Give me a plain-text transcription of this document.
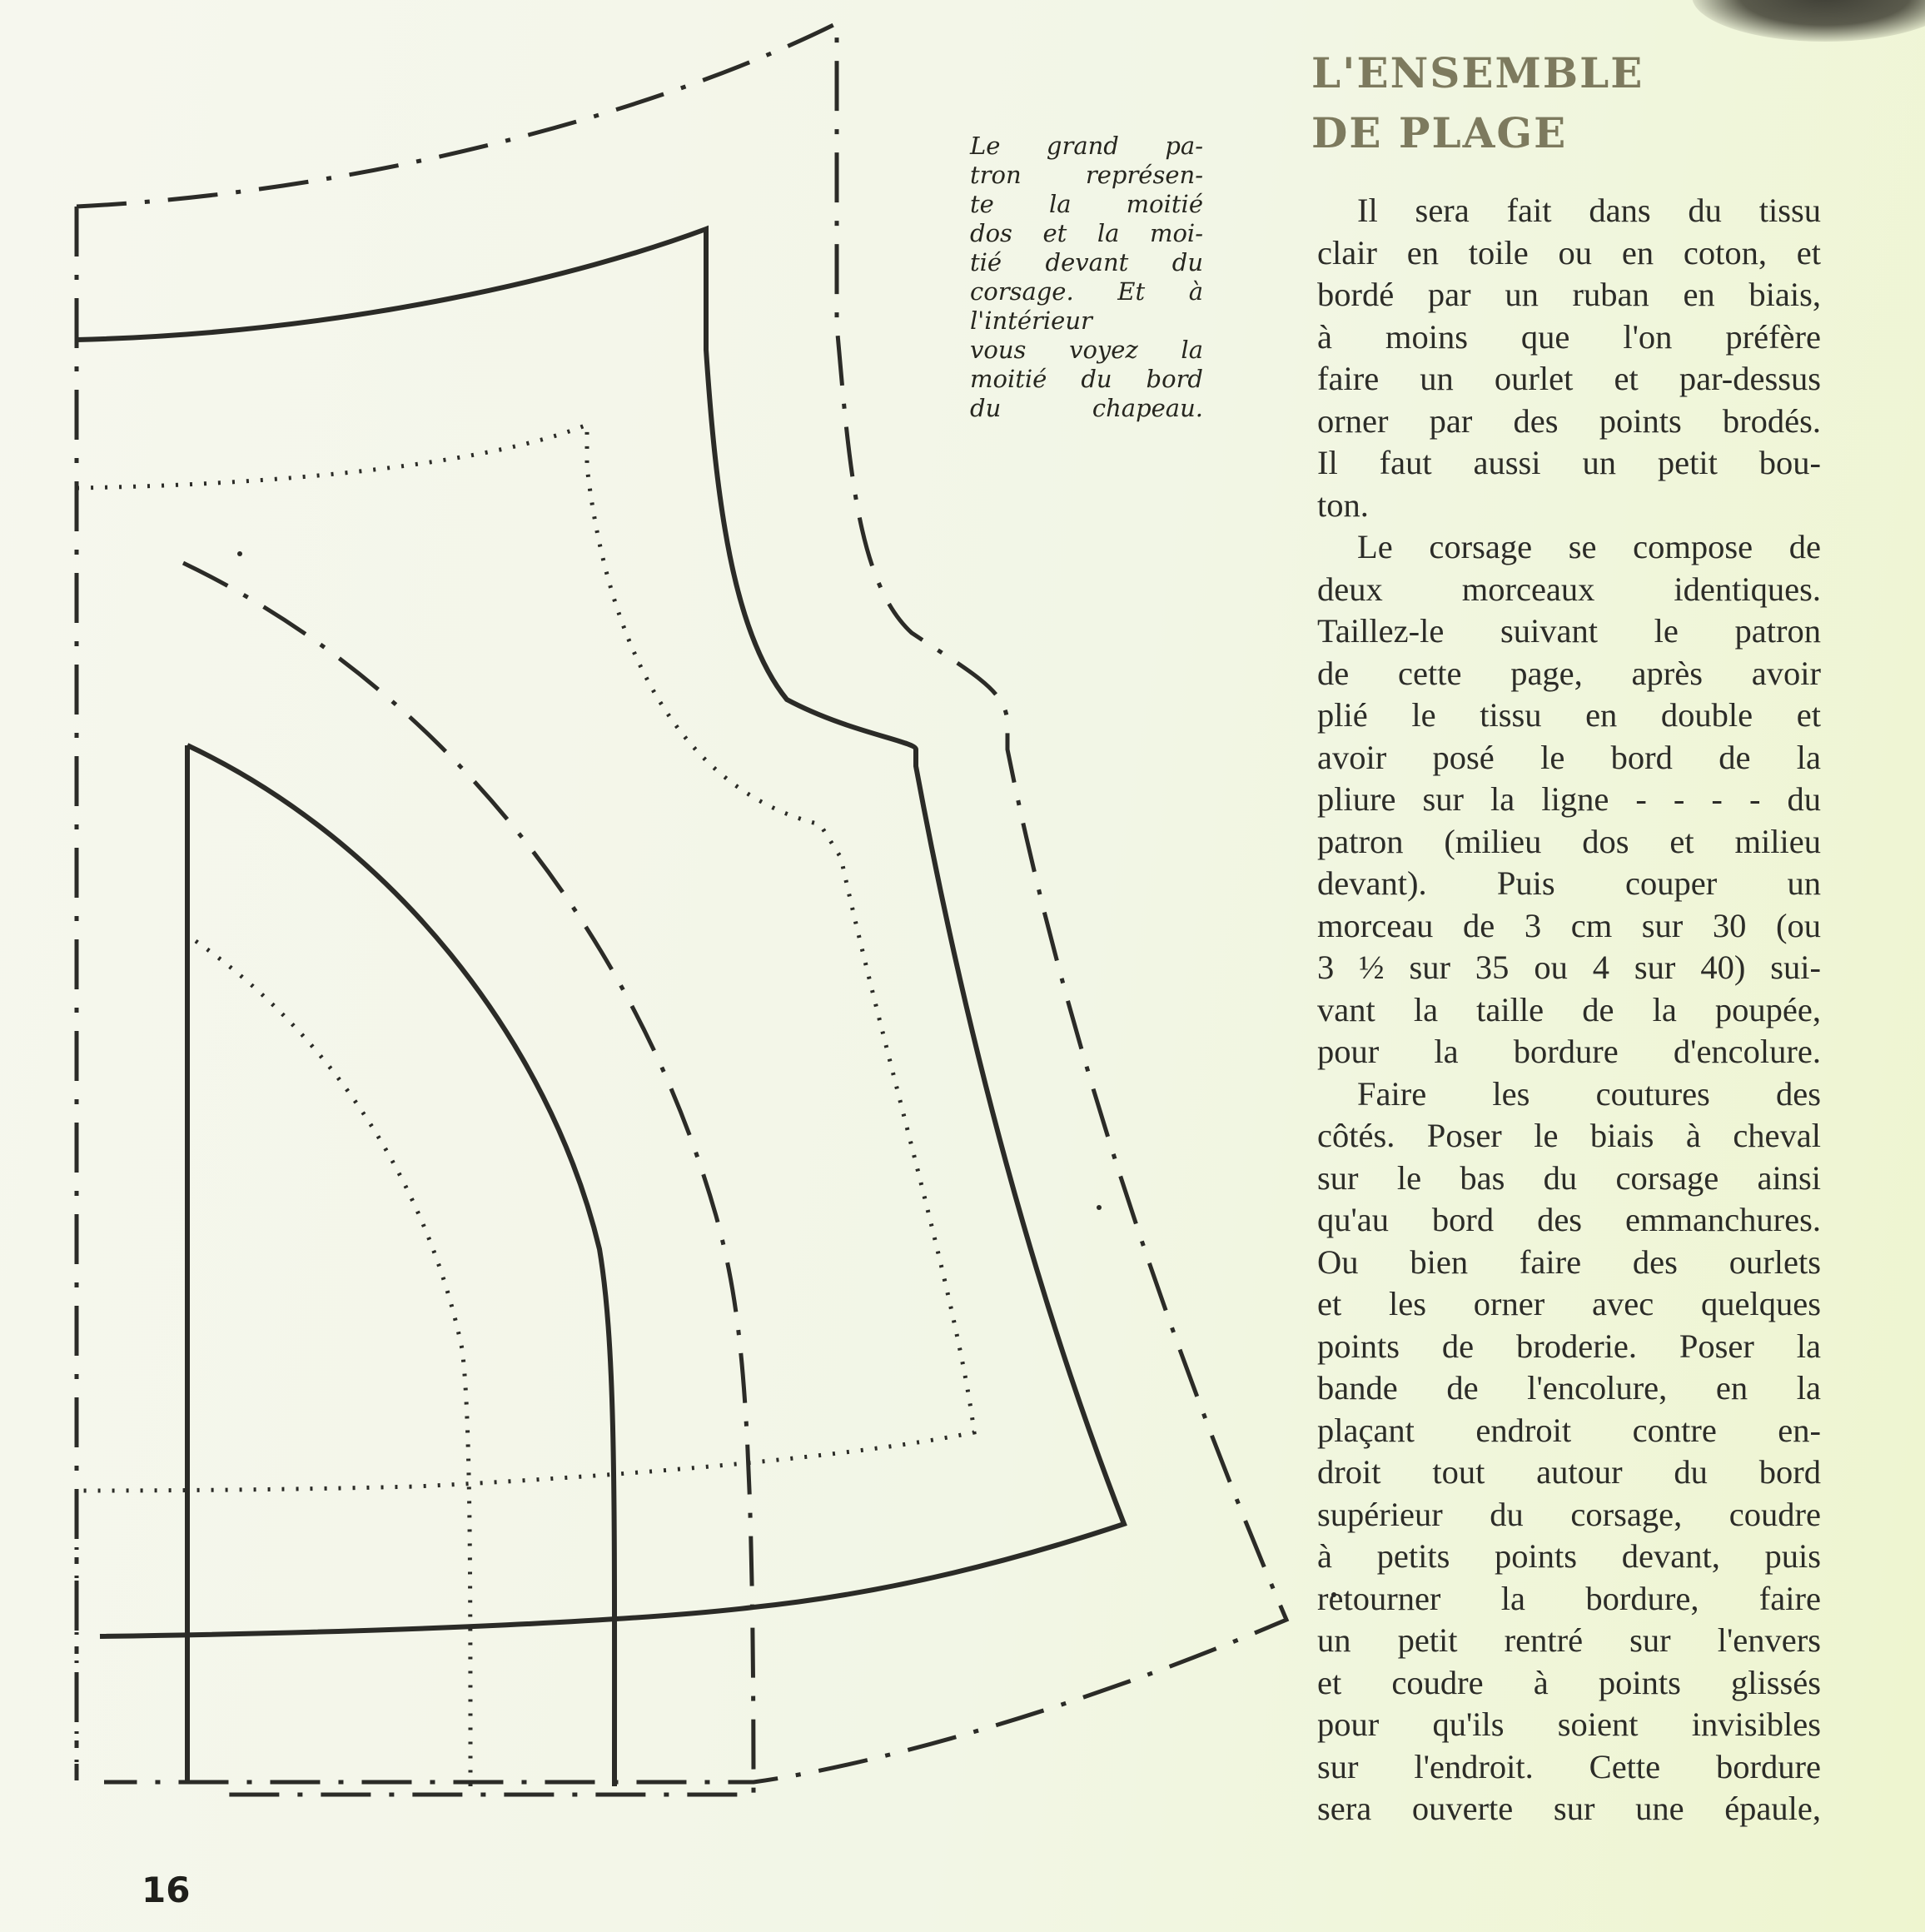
Le grand pa-
tron représen-
te la moitié
dos et la moi-
tié devant du
corsage. Et à
l'intérieur
vous voyez la
moitié du bord
du chapeau.
L'ENSEMBLE
DE PLAGE
Il sera fait dans du tissu
clair en toile ou en coton, et
bordé par un ruban en biais,
à moins que l'on préfère
faire un ourlet et par-dessus
orner par des points brodés.
Il faut aussi un petit bou-
ton.
Le corsage se compose de
deux morceaux identiques.
Taillez-le suivant le patron
de cette page, après avoir
plié le tissu en double et
avoir posé le bord de la
pliure sur la ligne - - - - du
patron (milieu dos et milieu
devant). Puis couper un
morceau de 3 cm sur 30 (ou
3 ½ sur 35 ou 4 sur 40) sui-
vant la taille de la poupée,
pour la bordure d'encolure.
Faire les coutures des
côtés. Poser le biais à cheval
sur le bas du corsage ainsi
qu'au bord des emmanchures.
Ou bien faire des ourlets
et les orner avec quelques
points de broderie. Poser la
bande de l'encolure, en la
plaçant endroit contre en-
droit tout autour du bord
supérieur du corsage, coudre
à petits points devant, puis
retourner la bordure, faire
un petit rentré sur l'envers
et coudre à points glissés
pour qu'ils soient invisibles
sur l'endroit. Cette bordure
sera ouverte sur une épaule,
16
